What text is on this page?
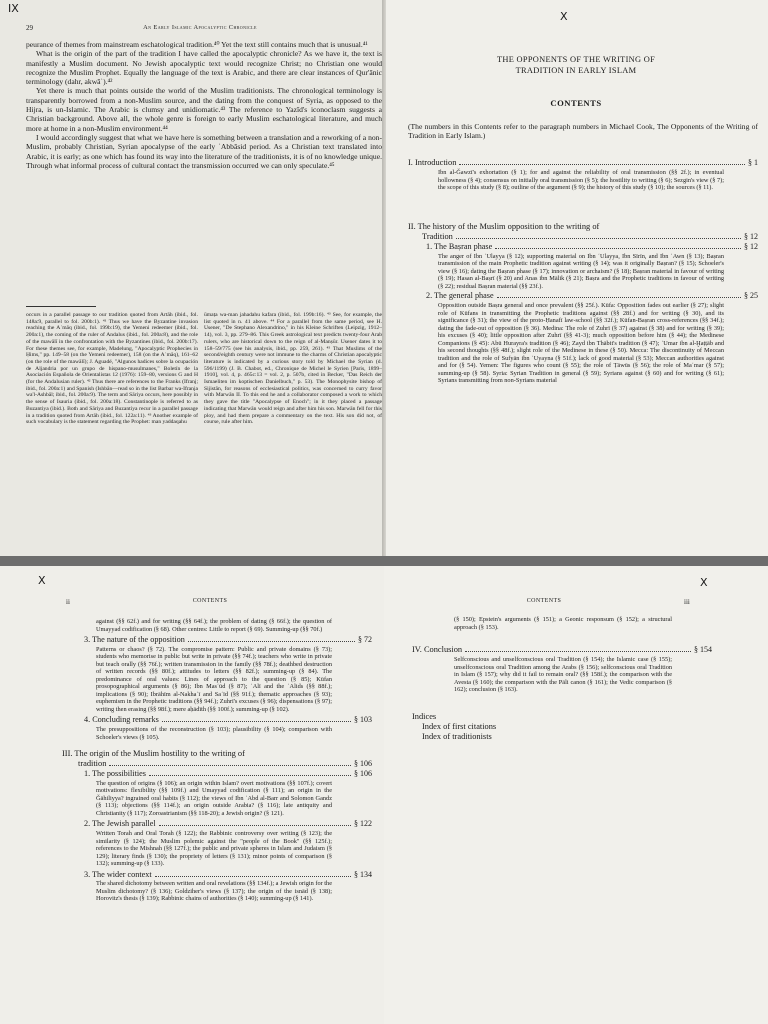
IX
29	An Early Islamic Apocalyptic Chronicle

peurance of themes from mainstream eschatological tradition.⁴⁰ Yet the text still contains much that is unusual.⁴¹

What is the origin of the part of the tradition I have called the apocalyptic chronicle? As we have it, the text is manifestly a Muslim document. No Jewish apocalyptic text would recognize Christ; no Christian one would recognize the Muslim Prophet. Equally the language of the text is Arabic, and there are clear instances of Qur'ānic terminology (dahr, akwāʾ).⁴²

Yet there is much that points outside the world of the Muslim traditionists. The chronological terminology is transparently borrowed from a non-Muslim source, and the dating from the conquest of Syria, as opposed to the Hijra, is un-Islamic. The Arabic is clumsy and unidiomatic.⁴³ The reference to Yazīd's iconoclasm suggests a Christian background. Above all, the whole genre is foreign to early Muslim eschatological literature, and much more at home in a non-Muslim environment.⁴⁴

I would accordingly suggest that what we have here is something between a translation and a reworking of a non-Muslim, probably Christian, Syrian apocalypse of the early ʿAbbāsid period. As a Christian text translated into Arabic, it is early; as one which has found its way into the literature of the traditionists, it is of no knowledge unique. Through what informal process of cultural contact the transmission occurred we can only speculate.⁴⁵

occurs in a parallel passage to our tradition quoted from Artāh (ibid., fol. 148a:9, parallel to fol. 200b:1). ⁴¹ Thus we have the Byzantine invasion reaching the Aʿmāq (ibid., fol. 199b:19), the Yemeni redeemer (ibid., fol. 200a:1), the coming of the ruler of Andalus (ibid., fol. 200a:8), and the role of the mawālī in the confrontation with the Byzantines (ibid., fol. 200b:17). For these themes see, for example, Madelung, "Apocalyptic Prophecies in Ḥims," pp. 149–58 (on the Yemeni redeemer), 158 (on the Aʿmāq), 161–62 (on the role of the mawālī); J. Aguadé, "Algunos hadices sobre la ocupación de Aljandria por un grupo de hispano-musulmanes," Boletín de la Asociación Española de Orientalistas 12 (1976): 159–80, versions G and H (for the Andalusian ruler). ⁴² Thus there are references to the Franks (Ifranj; ibid., fol. 200a:1) and Spanish (Ishbān—read so in the list Barbar wa-Ifranja wa'l-Ashbāl; ibid., fol. 200a:9). The term and Sāriya occurs, here possibly in the sense of Isauria (ibid., fol. 200a:18). Constantinople is referred to as Buzantiya (ibid.). Both and Sāriya and Buzantiya recur in a parallel passage in a tradition quoted from Artāh (ibid., fol. 122a:11). ⁴³ Another example of such vocabulary is the statement regarding the Prophet: man yaddaqahu

ūmaṭa wa-man jahadahu kafara (ibid., fol. 199b:16). ⁴³ See, for example, the list quoted in n. 41 above. ⁴⁴ For a parallel from the same period, see H. Usener, "De Stephano Alexandrino," in his Kleine Schriften (Leipzig, 1912–14), vol. 3, pp. 279–86. This Greek astrological text predicts twenty-four Arab rulers, who are historical down to the reign of al-Manṣūr. Usener dates it to 158–59/775 (see his analysis, ibid., pp. 259, 261). ⁴⁵ That Muslims of the second/eighth century were not immune to the charms of Christian apocalyptic literature is indicated by a curious story told by Michael the Syrian (d. 596/1199) (J. B. Chabot, ed., Chronique de Michel le Syrien [Paris, 1899–1910], vol. 4, p. 465c:13 = vol. 2, p. 507b, cited in Becker, "Das Reich der Ismaeliten im koptischen Danielbuch," p. 53). The Monophysite bishop of Sijistān, for reasons of ecclesiastical politics, was concerned to curry favor with Marwān II. To this end he and a collaborator composed a work to which they gave the title "Apocalypse of Enoch"; in it they placed a passage indicating that Marwān would reign and after him his son. Marwān fell for this ploy, and had them prepare a commentary on the text. His son did not, of course, rule after him.

X
THE OPPONENTS OF THE WRITING OF
TRADITION IN EARLY ISLAM
CONTENTS
(The numbers in this Contents refer to the paragraph numbers in Michael Cook, The Opponents of the Writing of Tradition in Early Islam.)
I. Introduction	§ 1

Ibn al-Ǧawzī's exhortation (§ 1); for and against the reliability of oral transmission (§§ 2f.); in eventual hollowness (§ 4); consensus on initially oral transmission (§ 5); the hostility to writing (§ 6); Sezgin's view (§ 7); the scope of this study (§ 8); outline of the argument (§ 9); the history of this study (§ 10); the sources (§ 11).

II. The history of the Muslim opposition to the writing of
Tradition	§ 12
1. The Baṣran phase	§ 12

The anger of Ibn ʿUlayya (§ 12); supporting material on Ibn ʿUlayya, Ibn Sīrīn, and Ibn ʿAwn (§ 13); Baṣran transmission of the main Prophetic tradition against writing (§ 14); was it originally Baṣran? (§ 15); Schoeler's view (§ 16); dating the Baṣran phase (§ 17); innovation or archaism? (§ 18); Baṣran material in favour of writing (§ 19); Hasan al-Baṣrī (§ 20) and Anas ibn Mālik (§ 21); Baṣra and the Prophetic traditions in favour of writing (§ 22); residual Baṣran material (§§ 23f.).

2. The general phase	§ 25

Opposition outside Baṣra general and once prevalent (§§ 25f.). Kūfa: Opposition fades out earlier (§ 27); slight role of Kūfans in transmitting the Prophetic traditions against (§§ 28f.) and for writing (§ 30), and its significance (§ 31); the view of the proto-Ḥanafī law-school (§§ 32f.); Kūfan-Baṣran cross-references (§§ 34f.); dating the fade-out of opposition (§ 36). Medina: The role of Zuhrī (§ 37) against (§ 38) and for writing (§ 39); his excuses (§ 40); little opposition after Zuhrī (§§ 41-3); much opposition before him (§ 44); the Medinese Companions (§ 45): Abū Hurayra's tradition (§ 46); Zayd ibn Thābit's tradition (§ 47); ʿUmar ibn al-Ḫaṭṭāb and his second thoughts (§§ 48f.); slight role of the Medinese in these (§ 50). Mecca: The discontinuity of Meccan tradition and the role of Sufyān ibn ʿUyayna (§ 51f.); lack of good material (§ 53); Meccan authorities against and for (§ 54). Yemen: The figures who count (§ 55); the role of Ṭāwūs (§ 56); the role of Maʿmar (§ 57); summing-up (§ 58). Syria: Syrian Tradition in general (§ 59); Syrians against (§ 60) and for writing (§ 61); Syrians transmitting from non-Syrians material

X
ii	CONTENTS

against (§§ 62f.) and for writing (§§ 64f.); the problem of dating (§ 66f.); the question of Umayyad codification (§ 68). Other centres: Little to report (§ 69). Summing-up (§§ 70f.)

3. The nature of the opposition	§ 72

Patterns or chaos? (§ 72). The compromise pattern: Public and private domains (§ 73); students who memorise in public but write in private (§§ 74f.); teachers who write in private but teach orally (§§ 76f.); written transmission in the family (§§ 78f.); deathbed destruction of written records (§§ 80f.); attitudes to letters (§§ 82f.); summing-up (§ 84). The predominance of oral values: Lines of approach to the question (§ 85); Kūfan prosopographical arguments (§ 86); Ibn Masʿūd (§ 87); ʿAlī and the ʿAlids (§§ 88f.); implications (§ 90); Ibrāhīm al-Nakhaʿī and Saʿīd (§§ 91f.); thematic approaches (§ 93); euphemism in the Prophetic traditions (§§ 94f.); Zuhrī's excuses (§ 96); dispensations (§ 97); writing then erasing (§§ 98f.); mere aḥādīth (§§ 100f.); summing-up (§ 102).

4. Concluding remarks	§ 103

The presuppositions of the reconstruction (§ 103); plausibility (§ 104); comparison with Schoeler's views (§ 105).

III. The origin of the Muslim hostility to the writing of
tradition	§ 106
1. The possibilities	§ 106

The question of origins (§ 106); an origin within Islam? overt motivations (§§ 107f.); covert motivations: flexibility (§§ 109f.) and Umayyad codification (§ 111); an origin in the Ǧāhiliyya? ingrained oral habits (§ 112); the views of Ibn ʿAbd al-Barr and Solomon Gandz (§ 113); objections (§§ 114f.); an origin outside Arabia? (§ 116); late antiquity and Christianity (§ 117); Zoroastrianism (§§ 118-20); a Jewish origin? (§ 121).

2. The Jewish parallel	§ 122

Written Torah and Oral Torah (§ 122); the Rabbinic controversy over writing (§ 123); the similarity (§ 124); the Muslim polemic against the "people of the Book" (§§ 125f.); references to the Mishnah (§§ 127f.); the public and private spheres in Islam and Judaism (§ 129); literary finds (§ 130); the propriety of letters (§ 131); minor points of comparison (§ 132); summing-up (§ 133).

3. The wider context	§ 134

The shared dichotomy between written and oral revelations (§§ 134f.); a Jewish origin for the Muslim dichotomy? (§ 136); Goldziher's views (§ 137); the origin of the isnād (§ 138); Horovitz's thesis (§ 139); Rabbinic chains of authorities (§ 140); summing-up (§ 141).

X
CONTENTS	iii

(§ 150); Epstein's arguments (§ 151); a Geonic responsum (§ 152); a structural approach (§ 153).

IV. Conclusion	§ 154

Selfconscious and unselfconscious oral Tradition (§ 154); the Islamic case (§ 155); unselfconscious oral Tradition among the Arabs (§ 156); selfconscious oral Tradition in Islam (§ 157); why did it fail to remain oral? (§§ 158f.); the comparison with the Avesta (§ 160); the comparison with the Pāli canon (§ 161); the Vedic comparison (§ 162); conclusion (§ 163).

Indices
Index of first citations
Index of traditionists
